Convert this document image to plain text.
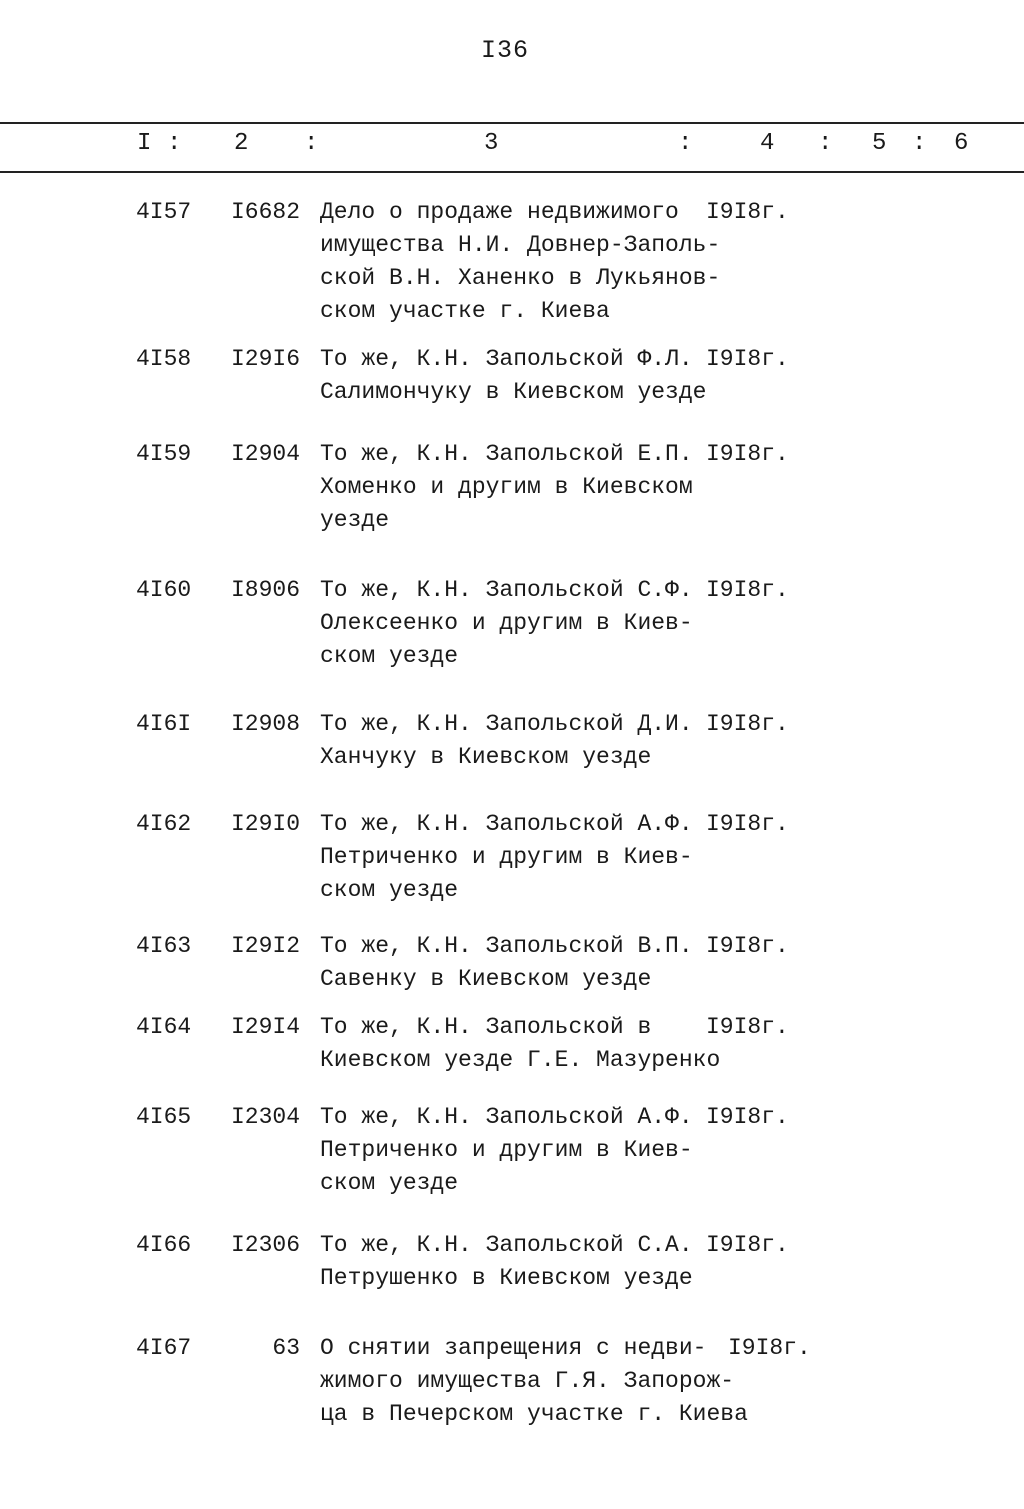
I36
I : 2 :	3	:	4 : 5 : 6
4I57	I6682 Дело о продаже недвижимого
имущества Н.И. Довнер-Заполь-
ской В.Н. Ханенко в Лукьянов-
ском участке г. Киева
I9I8г.
4I58	I29I6 То же, К.Н. Запольской Ф.Л.
Салимончуку в Киевском уезде
I9I8г.
4I59	I2904 То же, К.Н. Запольской Е.П.
Хоменко и другим в Киевском
уезде
I9I8г.
4I60	I8906 То же, К.Н. Запольской С.Ф.
Олексеенко и другим в Киев-
ском уезде
I9I8г.
4I6I	I2908 То же, К.Н. Запольской Д.И.
Ханчуку в Киевском уезде
I9I8г.
4I62	I29I0 То же, К.Н. Запольской А.Ф.
Петриченко и другим в Киев-
ском уезде
I9I8г.
4I63	I29I2 То же, К.Н. Запольской В.П.
Савенку в Киевском уезде
I9I8г.
4I64	I29I4 То же, К.Н. Запольской в
Киевском уезде Г.Е. Мазуренко
I9I8г.
4I65	I2304 То же, К.Н. Запольской А.Ф.
Петриченко и другим в Киев-
ском уезде
I9I8г.
4I66	I2306 То же, К.Н. Запольской С.А.
Петрушенко в Киевском уезде
I9I8г.
4I67	63 О снятии запрещения с недви-
жимого имущества Г.Я. Запорож-
ца в Печерском участке г. Киева
I9I8г.
